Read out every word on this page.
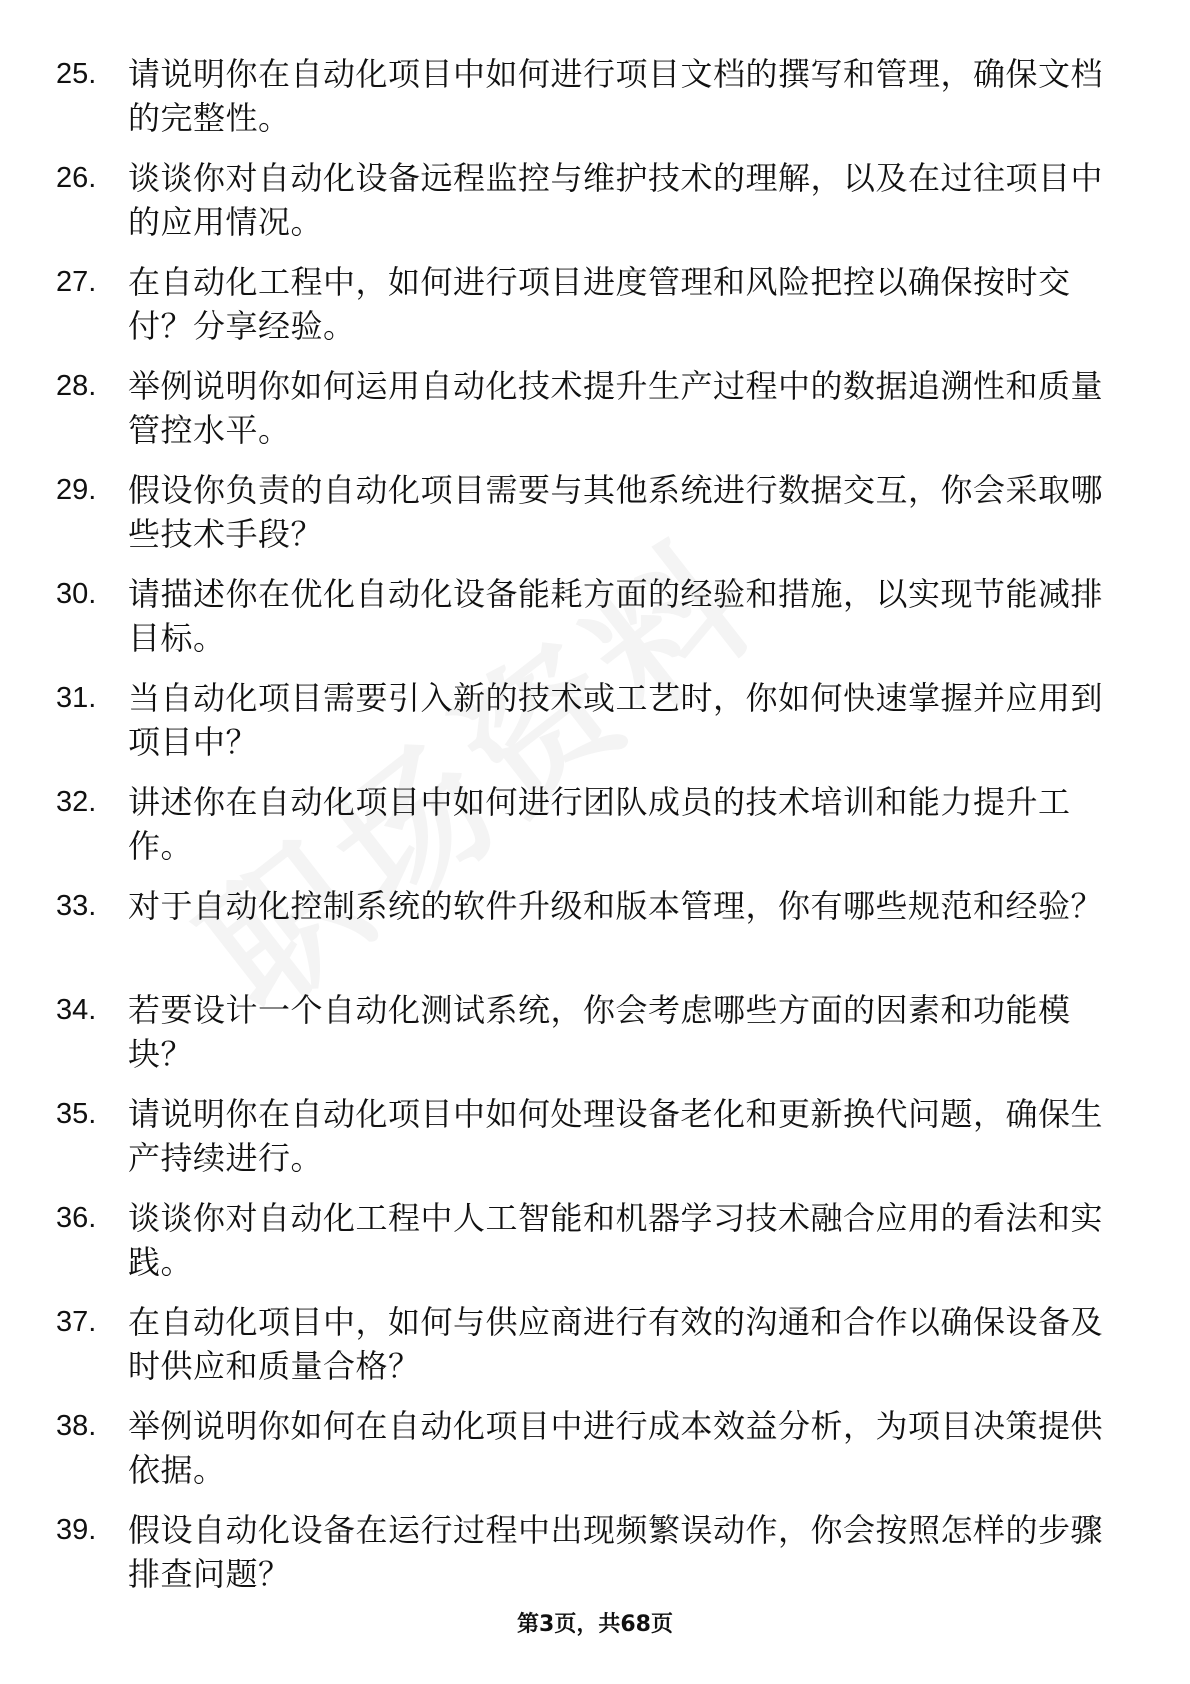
25. 请说明你在自动化项目中如何进行项目文档的撰写和管理，确保文档的完整性。
26. 谈谈你对自动化设备远程监控与维护技术的理解，以及在过往项目中的应用情况。
27. 在自动化工程中，如何进行项目进度管理和风险把控以确保按时交付？分享经验。
28. 举例说明你如何运用自动化技术提升生产过程中的数据追溯性和质量管控水平。
29. 假设你负责的自动化项目需要与其他系统进行数据交互，你会采取哪些技术手段？
30. 请描述你在优化自动化设备能耗方面的经验和措施，以实现节能减排目标。
31. 当自动化项目需要引入新的技术或工艺时，你如何快速掌握并应用到项目中？
32. 讲述你在自动化项目中如何进行团队成员的技术培训和能力提升工作。
33. 对于自动化控制系统的软件升级和版本管理，你有哪些规范和经验？
34. 若要设计一个自动化测试系统，你会考虑哪些方面的因素和功能模块？
35. 请说明你在自动化项目中如何处理设备老化和更新换代问题，确保生产持续进行。
36. 谈谈你对自动化工程中人工智能和机器学习技术融合应用的看法和实践。
37. 在自动化项目中，如何与供应商进行有效的沟通和合作以确保设备及时供应和质量合格？
38. 举例说明你如何在自动化项目中进行成本效益分析，为项目决策提供依据。
39. 假设自动化设备在运行过程中出现频繁误动作，你会按照怎样的步骤排查问题？
第3页，共68页
